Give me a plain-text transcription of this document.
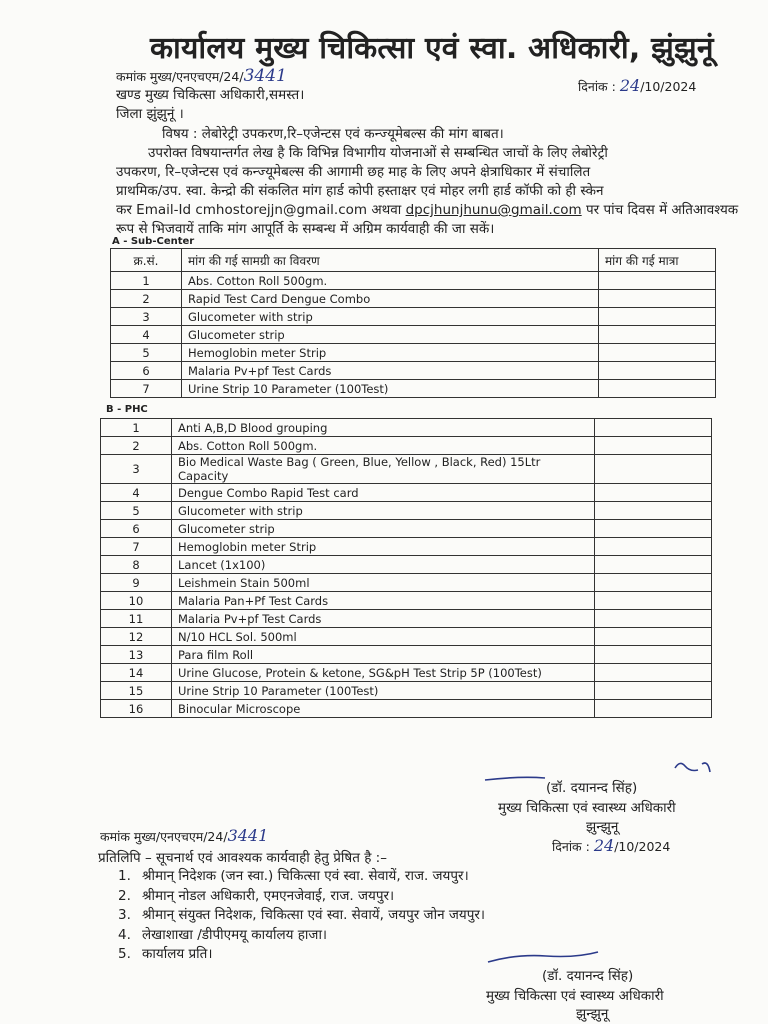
कार्यालय मुख्य चिकित्सा एवं स्वा. अधिकारी, झुंझुनूं
कमांक मुख्य/एनएचएम/24/3441
दिनांक : 24/10/2024
खण्ड मुख्य चिकित्सा अधिकारी,समस्त।
जिला झुंझुनूं ।
विषय : लेबोरेट्री उपकरण,रि–एजेन्टस एवं कन्ज्यूमेबल्स की मांग बाबत।
उपरोक्त विषयान्तर्गत लेख है कि विभिन्न विभागीय योजनाओं से सम्बन्धित जाचों के लिए लेबोरेट्री
उपकरण, रि–एजेन्टस एवं कन्ज्यूमेबल्स की आगामी छह माह के लिए अपने क्षेत्राधिकार में संचालित
प्राथमिक/उप. स्वा. केन्द्रो की संकलित मांग हार्ड कोपी हस्ताक्षर एवं मोहर लगी हार्ड कॉफी को ही स्केन
कर Email-Id cmhostorejjn@gmail.com अथवा dpcjhunjhunu@gmail.com पर पांच दिवस में अतिआवश्यक
रूप से भिजवायें ताकि मांग आपूर्ति के सम्बन्ध में अग्रिम कार्यवाही की जा सकें।
A - Sub-Center
क्र.सं.	मांग की गई सामग्री का विवरण	मांग की गई मात्रा
1	Abs. Cotton Roll 500gm.	
2	Rapid Test Card Dengue Combo	
3	Glucometer with strip	
4	Glucometer strip	
5	Hemoglobin meter Strip	
6	Malaria Pv+pf Test Cards	
7	Urine Strip 10 Parameter (100Test)	
B - PHC
1	Anti A,B,D Blood grouping	
2	Abs. Cotton Roll 500gm.	
3	Bio Medical Waste Bag ( Green, Blue, Yellow , Black, Red) 15Ltr Capacity	
4	Dengue Combo Rapid Test card	
5	Glucometer with strip	
6	Glucometer strip	
7	Hemoglobin meter Strip	
8	Lancet (1x100)	
9	Leishmein Stain 500ml	
10	Malaria Pan+Pf Test Cards	
11	Malaria Pv+pf Test Cards	
12	N/10 HCL Sol. 500ml	
13	Para film Roll	
14	Urine Glucose, Protein & ketone, SG&pH Test Strip 5P (100Test)	
15	Urine Strip 10 Parameter (100Test)	
16	Binocular Microscope	
(डॉ. दयानन्द सिंह)
मुख्य चिकित्सा एवं स्वास्थ्य अधिकारी
झुन्झुनू
कमांक मुख्य/एनएचएम/24/3441
दिनांक : 24/10/2024
प्रतिलिपि – सूचनार्थ एवं आवश्यक कार्यवाही हेतु प्रेषित है :–
1. श्रीमान् निदेशक (जन स्वा.) चिकित्सा एवं स्वा. सेवायें, राज. जयपुर।
2. श्रीमान् नोडल अधिकारी, एमएनजेवाई, राज. जयपुर।
3. श्रीमान् संयुक्त निदेशक, चिकित्सा एवं स्वा. सेवायें, जयपुर जोन जयपुर।
4. लेखाशाखा /डीपीएमयू कार्यालय हाजा।
5. कार्यालय प्रति।
(डॉ. दयानन्द सिंह)
मुख्य चिकित्सा एवं स्वास्थ्य अधिकारी
झुन्झुनू
